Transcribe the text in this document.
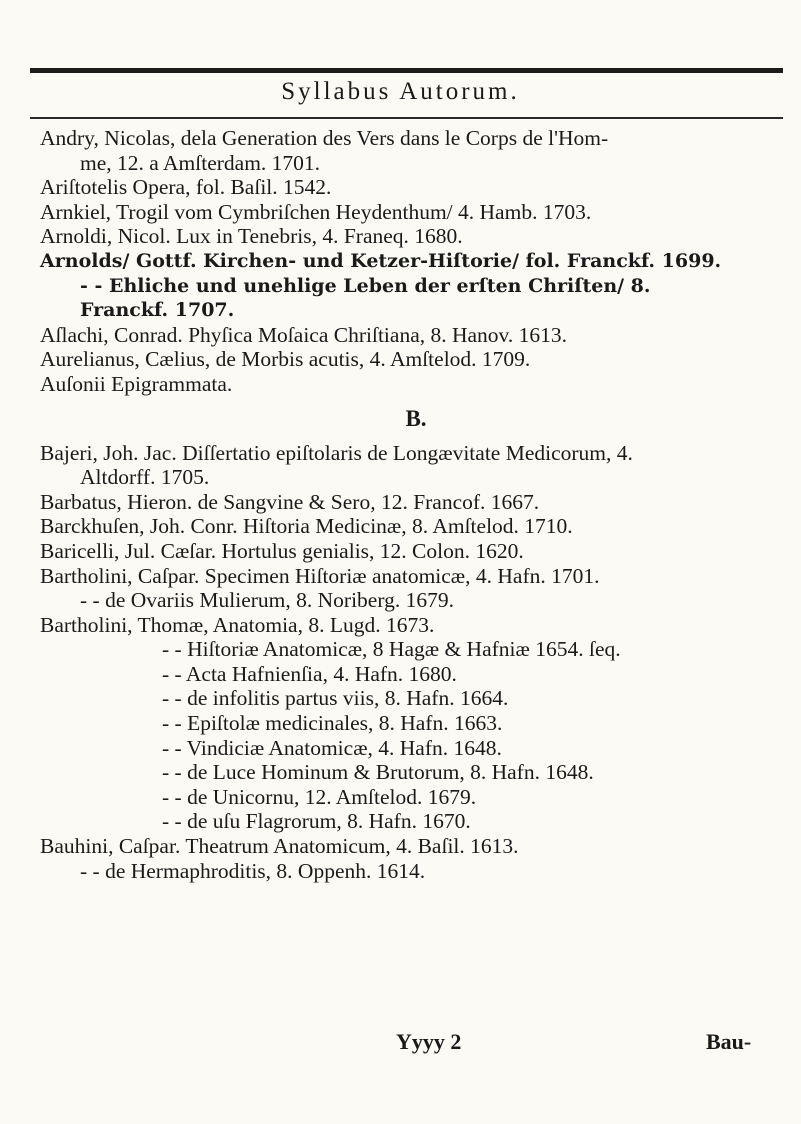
Syllabus Autorum.
Andry, Nicolas, dela Generation des Vers dans le Corps de l'Hom-
me, 12. a Amſterdam. 1701.
Ariſtotelis Opera, fol. Baſil. 1542.
Arnkiel, Trogil vom Cymbriſchen Heydenthum/ 4. Hamb. 1703.
Arnoldi, Nicol. Lux in Tenebris, 4. Franeq. 1680.
Arnolds/ Gottf. Kirchen- und Ketzer-Hiſtorie/ fol. Franckf. 1699.
- - Ehliche und unehlige Leben der erſten Chriſten/ 8.
Franckf. 1707.
Aſlachi, Conrad. Phyſica Moſaica Chriſtiana, 8. Hanov. 1613.
Aurelianus, Cælius, de Morbis acutis, 4. Amſtelod. 1709.
Auſonii Epigrammata.
B.
Bajeri, Joh. Jac. Diſſertatio epiſtolaris de Longævitate Medicorum, 4.
Altdorff. 1705.
Barbatus, Hieron. de Sangvine & Sero, 12. Francof. 1667.
Barckhuſen, Joh. Conr. Hiſtoria Medicinæ, 8. Amſtelod. 1710.
Baricelli, Jul. Cæſar. Hortulus genialis, 12. Colon. 1620.
Bartholini, Caſpar. Specimen Hiſtoriæ anatomicæ, 4. Hafn. 1701.
- - de Ovariis Mulierum, 8. Noriberg. 1679.
Bartholini, Thomæ, Anatomia, 8. Lugd. 1673.
- - Hiſtoriæ Anatomicæ, 8 Hagæ & Hafniæ 1654. ſeq.
- - Acta Hafnienſia, 4. Hafn. 1680.
- - de infolitis partus viis, 8. Hafn. 1664.
- - Epiſtolæ medicinales, 8. Hafn. 1663.
- - Vindiciæ Anatomicæ, 4. Hafn. 1648.
- - de Luce Hominum & Brutorum, 8. Hafn. 1648.
- - de Unicornu, 12. Amſtelod. 1679.
- - de uſu Flagrorum, 8. Hafn. 1670.
Bauhini, Caſpar. Theatrum Anatomicum, 4. Baſil. 1613.
- - de Hermaphroditis, 8. Oppenh. 1614.
Yyyy 2	Bau-
